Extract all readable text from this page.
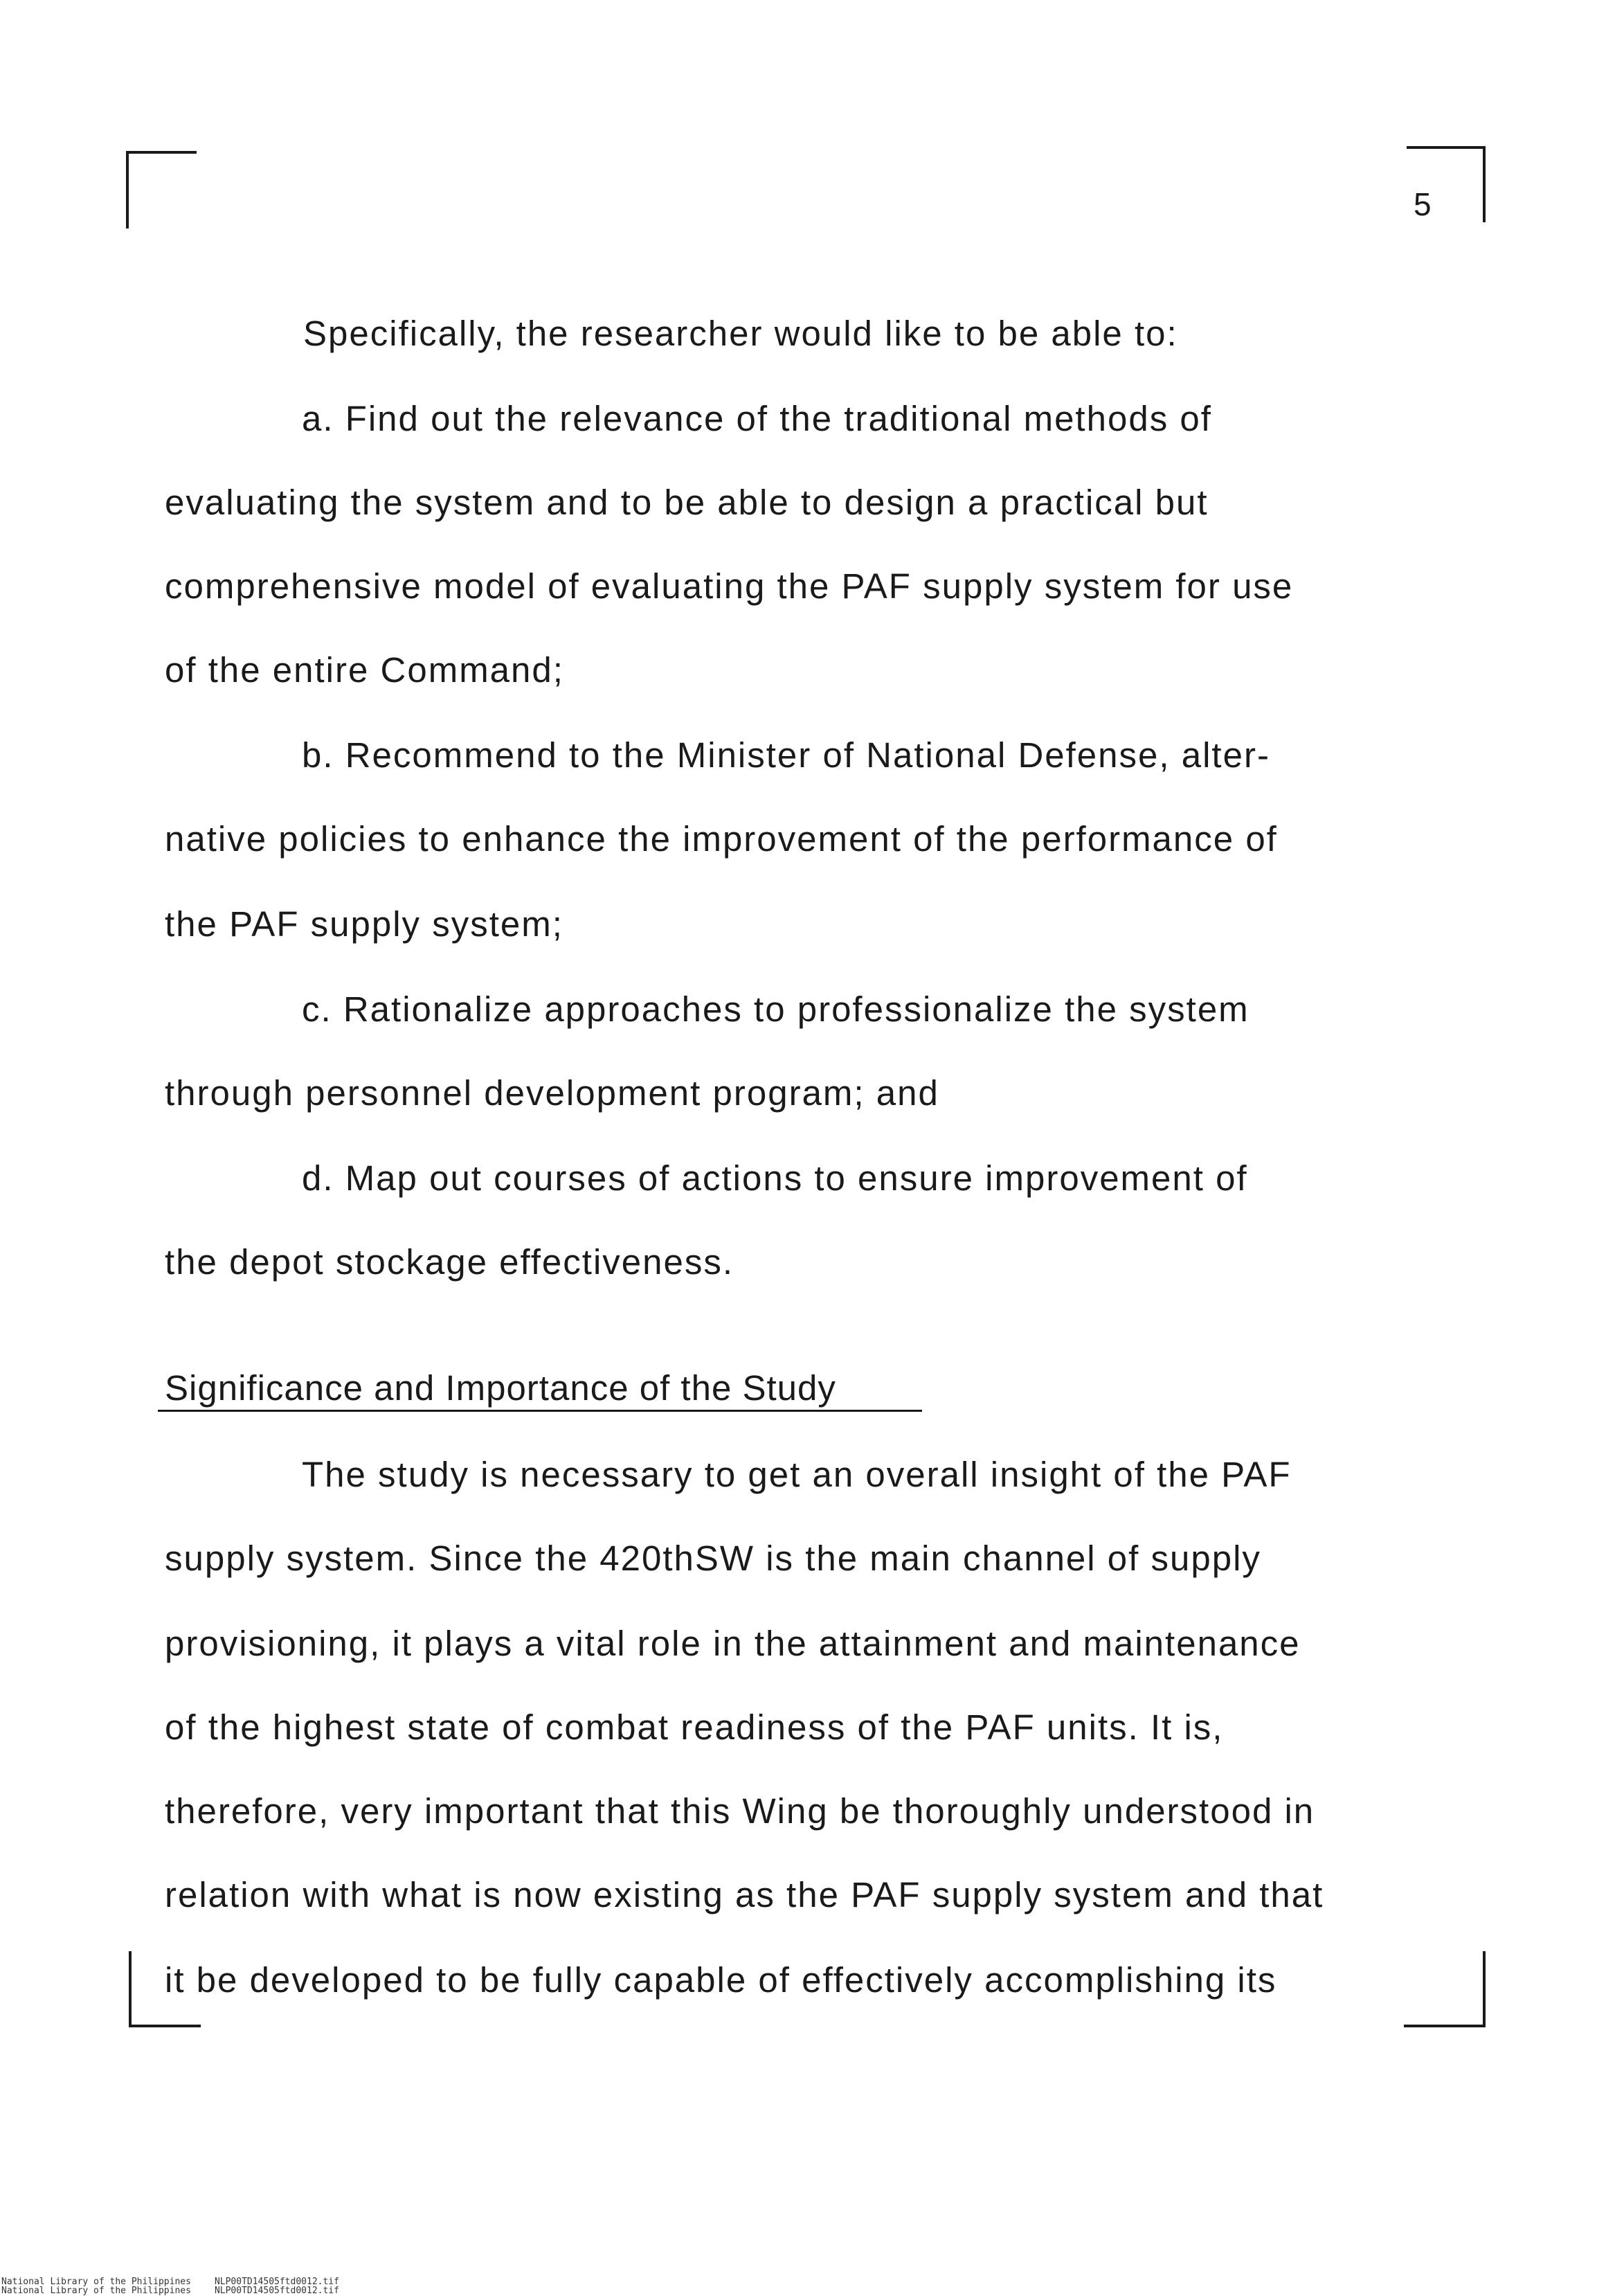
5
Specifically, the researcher would like to be able to:
a. Find out the relevance of the traditional methods of
evaluating the system and to be able to design a practical but
comprehensive model of evaluating the PAF supply system for use
of the entire Command;
b. Recommend to the Minister of National Defense, alter-
native policies to enhance the improvement of the performance of
the PAF supply system;
c. Rationalize approaches to professionalize the system
through personnel development program; and
d. Map out courses of actions to ensure improvement of
the depot stockage effectiveness.
Significance and Importance of the Study
The study is necessary to get an overall insight of the PAF
supply system. Since the 420thSW is the main channel of supply
provisioning, it plays a vital role in the attainment and maintenance
of the highest state of combat readiness of the PAF units. It is,
therefore, very important that this Wing be thoroughly understood in
relation with what is now existing as the PAF supply system and that
it be developed to be fully capable of effectively accomplishing its
National Library of the Philippines	NLP00TD14505ftd0012.tif
National Library of the Philippines	NLP00TD14505ftd0012.tif
